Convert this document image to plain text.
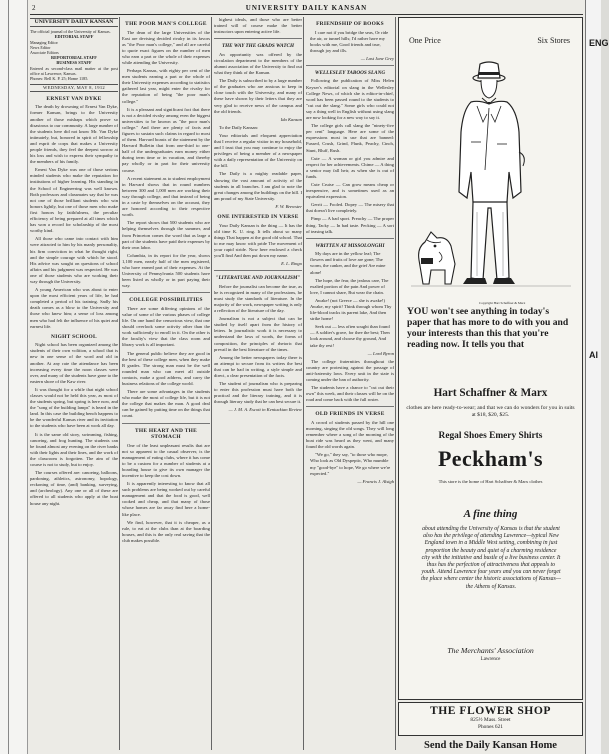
ENG
Al
2	UNIVERSITY DAILY KANSAN
UNIVERSITY DAILY KANSAN
The official journal of the University of Kansas.
EDITORIAL STAFF
Managing Editor
News Editor
Associate Editors
REPORTORIAL STAFF
BUSINESS STAFF
Entered as second-class mail matter at the post office at Lawrence, Kansas.
Phones: Bell K. P. 25; Home 1185.
WEDNESDAY, MAY 8, 1912
ERNEST VAN DYKE

The death by drowning of Ernest Van Dyke, former Kansan, brings to the University another of those mishaps which prove so disastrous to our community. A large number of the students here did not know Mr. Van Dyke intimately, but, honored in spirit of fellowship and esprit de corps that makes a University people friends, they feel the deepest sorrow at his loss and wish to express their sympathy to the members of his family.

Ernest Van Dyke was one of those serious minded students who make the reputation for institutions of higher learning. His standing in the School of Engineering was well known. Both professors and classmates say that he was not one of those brilliant students who win honors lightly, but one of those men who make first honors by faithfulness, the peculiar efficiency of being prepared at all times which has won a record for scholarship of the most worthy kind.

All those who came into contact with him were attracted to him by his manly personality, his firm conviction in what he thought right, and the simple courage with which he stood. His advice was sought on questions of school affairs and his judgment was respected. He was one of those students who are working their way through the University.

A young American who was about to enter upon the most efficient years of life, he had completed a period of his training. Sadly his death comes as a blow to the University and those who knew him; a sense of loss among men who had felt the influence of his quiet and earnest life.

NIGHT SCHOOL

Night school has been organized among the students of their own volition, a school that is new in one sense of the word and old in another. At any rate the attendance has been increasing every time the noon classes were over, and many of the students have gone to the eastern shore of the Kaw river.

It was thought for a while that night school classes would not be held this year, as most of the students spring, but spring is here now, and the "song of the building lamps" is heard in the land. In this case the building bench happens to be the wonderful Kansas river and its invitation to the students who have been at work all day.

It is the same old story, swimming, fishing, canoeing, and frog hunting. The students can be found almost any evening on the river banks with their lights and their lines, and the work of the classroom is forgotten. The aim of the course is not to study, but to enjoy.

The courses offered are: canoeing, balloons, pardoning, athletics, astronomy, hopology, reckoning of time, (and) banking, surveying, and (archeology). Any one or all of these are offered to all students who apply at the boat house any night.

THE POOR MAN'S COLLEGE

The dean of the large Universities of the East are devising decided rivalry in its favors as "the Poor man's college," and all are careful to quote exact figures on the number of men who earn a part or the whole of their expenses while attending the University.

Perhaps Kansas, with eighty per cent of the men students earning a part or the whole of their University expenses according to statistics gathered last year, might enter the rivalry for the reputation of being "the poor man's college."

It is a pleasant and significant fact that there is not a decided rivalry among even the biggest universities to be known as "the poor man's college." And there are plenty of facts and figures to sustain such claims in regard to most of them. Harvard boasts of the statement by the Harvard Bulletin that from one-third to one-half of the undergraduates earn money either during term time or in vacation, and thereby pay wholly or in part for their university course.

A recent statement as to student employment in Harvard shows that in round numbers between 300 and 1,000 men are working their way through college, and that instead of being in a caste by themselves on the account, they are honored according to their respective worth.

The report shows that 500 students who are helping themselves through the summer, and from Princeton comes the word that as large a part of the students have paid their expenses by their own labor.

Columbia, in its report for the year, shows 1,100 men, nearly half of the men registered, who have earned part of their expenses. At the University of Pennsylvania 500 students have been listed as wholly or in part paying their way.

COLLEGE POSSIBILITIES

There are some differing opinions of the value of some of the various phases of college life. On one hand the censorious view, that one should overlook some activity other than the work sufficiently to enroll in it. On the other is the faculty's view that the class room and library work is all important.

The general public believe they are good in the best of these college men, when they make B grades. The strong man must be the well rounded man who can meet all outside contacts, make a good address, and carry the business relations of the college world.

There are some advantages in the students who make the most of college life, but it is not the college that makes the man. A good deal can be gained by putting time on the things that count.

THE HEART AND THE STOMACH

One of the least unpleasant results that are not so apparent to the casual observer, is the management of eating clubs, where it has come to be a custom for a number of students at a boarding house to give its own manager the incentive to keep the cost down.

It is apparently interesting to know that all such problems are being worked out by careful management and that the food is good, well cooked and cheap, and that many of those whose homes are far away find here a home-like place.

We find, however, that it is cheaper, as a rule, to eat at the clubs than at the boarding houses, and this is the only real saving that the club makes possible.

highest ideals, and those who are better trained will of course make the better instructors upon entering active life.

THE WAY THE GRADS WATCH

An opportunity was offered by the circulation department to the members of the alumni association of the University to find out what they think of the Kansan.

The Daily is subscribed to by a large number of the graduates who are anxious to keep in close touch with the University, and many of these have shown by their letters that they are very glad to receive news of the campus and the old friends.

Ida Kansan

To the Daily Kansan:

Your editorials and eloquent appreciation that I receive a regular visitor in my household, and I trust that you may continue to enjoy the privileges of being a member of a newspaper with a daily representation of the University on the hill.

The Daily is a mighty readable paper, showing the vast amount of activity of the students in all branches. I am glad to note the great changes among the buildings on the hill. I am proud of my State University.

F. W. Brewster
ONE INTERESTED IN VERSE

Your Daily Kansan is the thing — It has the old time K. U. ring. It tells about so many things That happen at the good old school. That to me may know with pride The movement of your rapid stride. Now here enclosed a check you'll find And then put down my name.

E. L. Ringo
"LITERATURE AND JOURNALISM"

Before the journalist can become the true, as he is recognized in many of the professions, he must study the standards of literature. In the majority of the work, newspaper writing is only a reflection of the literature of the day.

Journalism is not a subject that can be studied by itself apart from the history of letters. In journalistic work it is necessary to understand the laws of words, the forms of composition, the principles of rhetoric that prevail in the best literature of the times.

Among the better newspapers today there is an attempt to secure from its writers the best that can be had in writing, a style simple and direct, a clear presentation of the facts.

The student of journalism who is preparing to enter this profession must have both the practical and the literary training, and it is through literary study that he can best secure it.

— J. M. A. Escott in Kentuckian Review
FRIENDSHIP OF BOOKS

I care not if you bridge the seas, Or ride the air, or tunnel hills; I'd rather have my books with me, Good friends and true, through joy and ills.

— Last Jane Grey
WELLESLEY TABOOS SLANG

Following the publication of Miss Helen Keyser's editorial on slang in the Wellesley College News, of which she is editor-in-chief, word has been passed round to the students to "cut out the slang." Some girls who could not say a thing well in English without using slang are now looking for a new way to say it.

The college girls call slang the "ninety-five per cent" language. Here are some of the expressions most in use that are banned: Fussed, Crush, Grind, Flunk, Peachy, Cinch, Stunt, Bluff, Rush.

Cute — A woman or girl you admire and respect for her achievements. Chime — A thing a senior may fall heir, as when she is out of funds.

Cute Cruise — Can grow means cheap or inexpensive, and is sometimes used as an equivalent expression.

Gerrit — Fooled. Dopey — The misery that that doesn't live completely.

Pimp — A bad sport. Preachy — The proper thing. Tacky — In bad taste. Pecking — A sort of teasing talk.

WRITTEN AT MISSOLONGHI

My days are in the yellow leaf; The flowers and fruits of love are gone; The worm, the canker, and the grief Are mine alone!

The hope, the fear, the jealous care, The exalted portion of the pain And power of love, I cannot share, But wear the chain.

Awake! (not Greece — she is awake!) Awake, my spirit! Think through whom Thy life-blood tracks its parent lake, And then strike home!

Seek out — less often sought than found — A soldier's grave, for thee the best; Then look around, and choose thy ground, And take thy rest!

— Lord Byron

The college fraternities throughout the country are protesting against the passage of anti-fraternity laws. Every unit in the state is coming under the ban of authority.

The students have a chance to "cut out their own" this week, and their classes will be on the road and come back with the full roster.

OLD FRIENDS IN VERSE

A crowd of students passed by the hill one morning, singing the old songs. They will long remember where a song of the morning of the boat ride was heard as they went, and many found the old words again.

"We go," they say, "to those who mope, Who look as Old Dyspeptic, Who mumble my "good-bye" to hope, We go where we're expected."

— Francis J. Alsigh
One Price	Six Stores
Copyright Hart Schaffner & Marx
YOU won't see anything in today's paper that has more to do with you and your interests than this that you're reading now. It tells you that
Hart Schaffner & Marx
clothes are here ready-to-wear; and that we can do wonders for you in suits at $18, $20, $25.
Regal Shoes Emery Shirts
Peckham's
This store is the home of Hart Schaffner & Marx clothes
A fine thing
about attending the University of Kansas is that the student also has the privilege of attending Lawrence—typical New England town in a Middle West setting, combining in just proportion the beauty and quiet of a charming residence city with the initiative and bustle of a live business center. It thus has the perfection of attractiveness that appeals to youth. Attend Lawrence four years and you can never forget the place where center the historic associations of Kansas—the Athens of Kansas.
The Merchants' Association
Lawrence
THE FLOWER SHOP
825½ Mass. Street
Phones 621
Send the Daily Kansan Home
